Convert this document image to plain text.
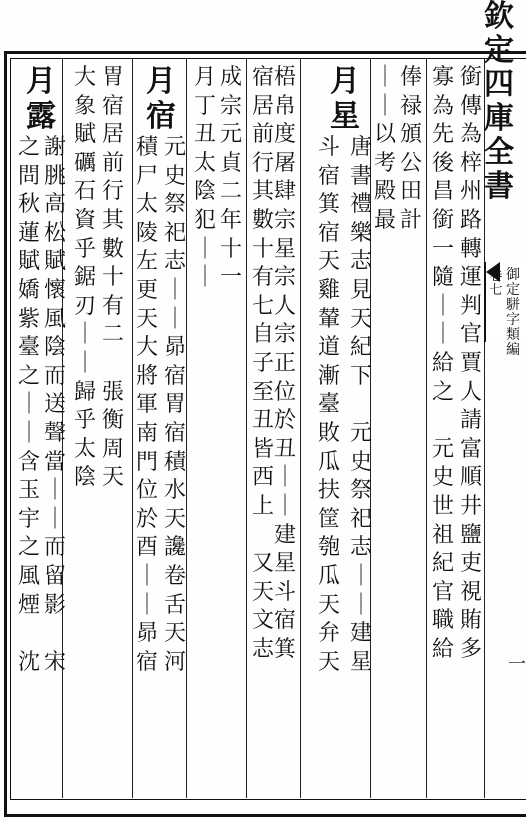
欽
定
四
庫
全
書
御
定
駢
字
類
編
卷
七
一
銜
傳
為
梓
州
路
轉
運
判
官
賈
人
請
富
順
井
鹽
吏
視
賄
多
寡
為
先
後
昌
銜
一
隨
｜
｜
給
之

元
史
世
祖
紀
官
職
給
俸
禄
頒
公
田
計
｜
｜
以
考
殿
最
月
星
斗
宿
箕
宿
天
雞
輦
道
漸
臺
敗
瓜
扶
筐
匏
瓜
天
弁
天
唐
書
禮
樂
志
見
天
紀
下

元
史
祭
祀
志
｜
｜
建
星
梧
帛
度
屠
肆
宗
星
宗
人
宗
正
位
於
丑
｜
｜
建
星
斗
宿
箕
宿
居
前
行
其
數
十
有
七
自
子
至
丑
皆
西
上

又
天
文
志
成
宗
元
貞
二
年
十
一
月
丁
丑
太
陰
犯
｜
｜
月
宿
元
史
祭
祀
志
｜
｜
昴
宿
胃
宿
積
水
天
讒
卷
舌
天
河
積
尸
太
陵
左
更
天
大
將
軍
南
門
位
於
酉
｜
｜
昴
宿
胃
宿
居
前
行
其
數
十
有
二

張
衡
周
天
大
象
賦
礪
石
資
乎
鋸
刃
｜
｜
歸
乎
太
陰
月
露
謝
朓
高
松
賦
懷
風
陰
而
送
聲
當
｜
｜
而
留
影

宋
之
問
秋
蓮
賦
嬌
紫
臺
之
｜
｜
含
玉
宇
之
風
煙

沈
